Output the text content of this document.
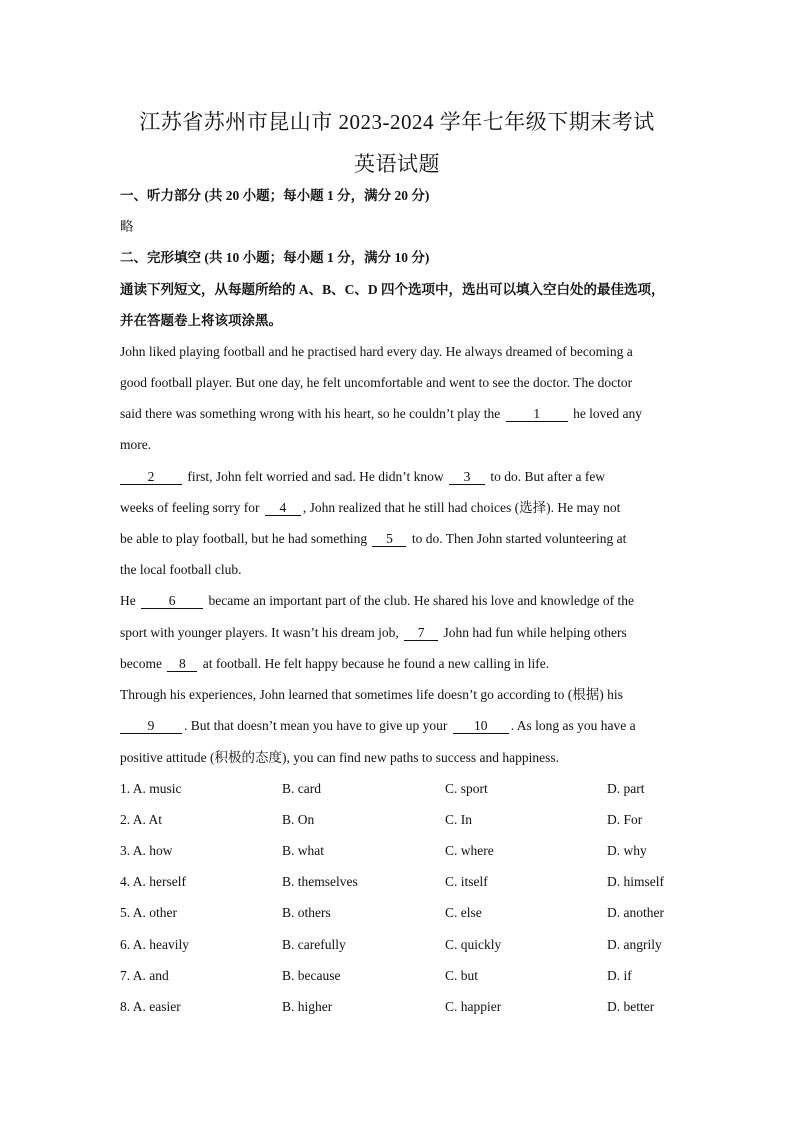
江苏省苏州市昆山市 2023-2024 学年七年级下期末考试
英语试题
一、听力部分 (共 20 小题；每小题 1 分，满分 20 分)
略
二、完形填空 (共 10 小题；每小题 1 分，满分 10 分)
通读下列短文，从每题所给的 A、B、C、D 四个选项中，选出可以填入空白处的最佳选项，
并在答题卷上将该项涂黑。
John liked playing football and he practised hard every day. He always dreamed of becoming a
good football player. But one day, he felt uncomfortable and went to see the doctor. The doctor
said there was something wrong with his heart, so he couldn’t play the 1 he loved any
more.
2 first, John felt worried and sad. He didn’t know 3 to do. But after a few
weeks of feeling sorry for 4 , John realized that he still had choices (选择). He may not
be able to play football, but he had something 5 to do. Then John started volunteering at
the local football club.
He 6 became an important part of the club. He shared his love and knowledge of the
sport with younger players. It wasn’t his dream job, 7 John had fun while helping others
become 8 at football. He felt happy because he found a new calling in life.
Through his experiences, John learned that sometimes life doesn’t go according to (根据) his
9 . But that doesn’t mean you have to give up your 10 . As long as you have a
positive attitude (积极的态度), you can find new paths to success and happiness.
1. A. music	B. card	C. sport	D. part
2. A. At	B. On	C. In	D. For
3. A. how	B. what	C. where	D. why
4. A. herself	B. themselves	C. itself	D. himself
5. A. other	B. others	C. else	D. another
6. A. heavily	B. carefully	C. quickly	D. angrily
7. A. and	B. because	C. but	D. if
8. A. easier	B. higher	C. happier	D. better
